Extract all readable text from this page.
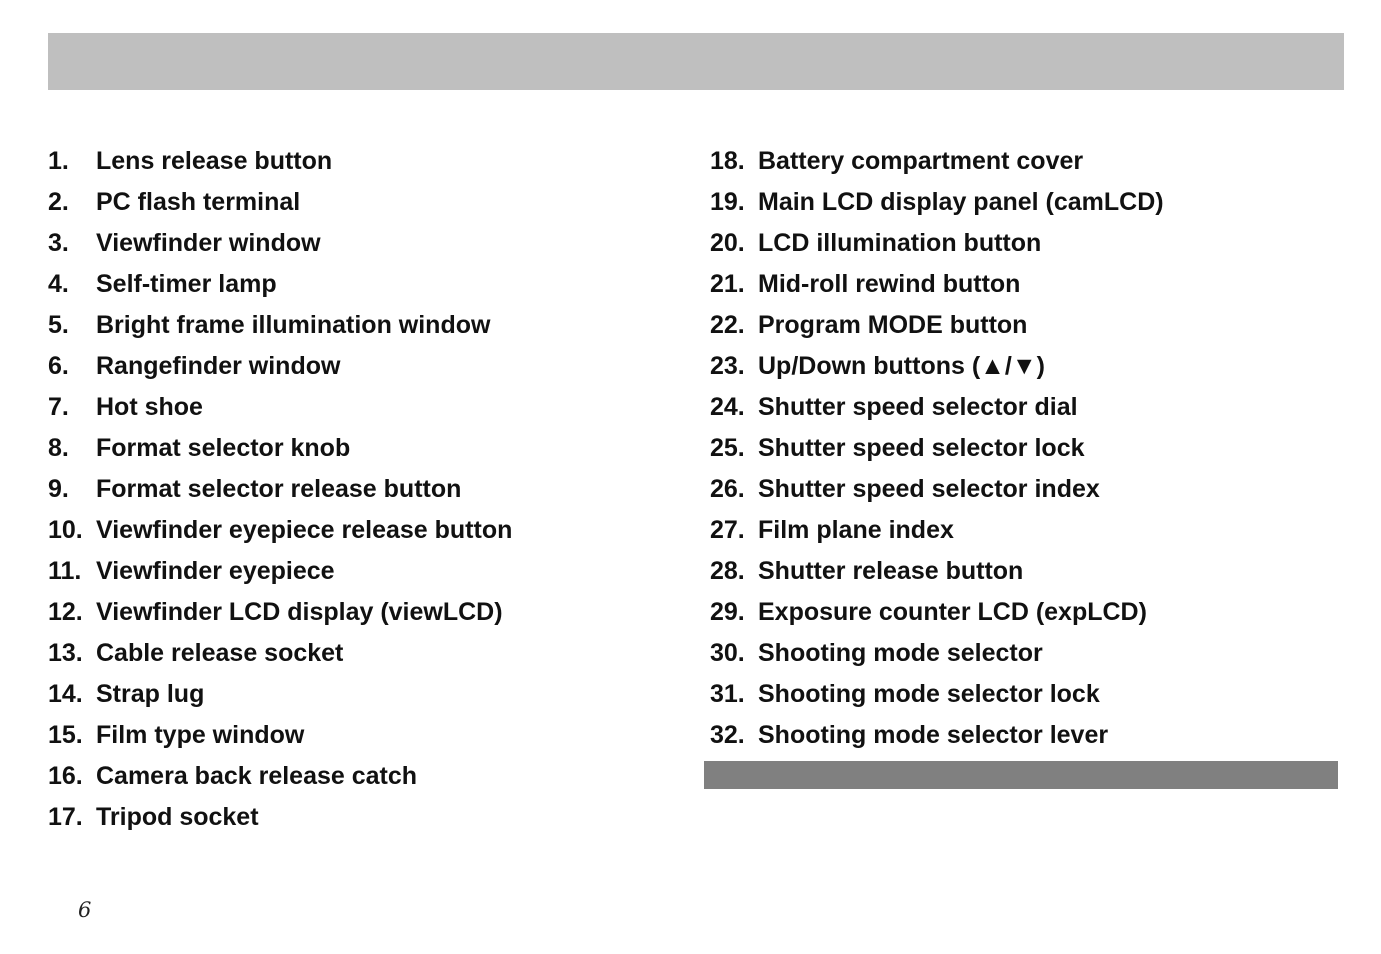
1. Lens release button
2. PC flash terminal
3. Viewfinder window
4. Self-timer lamp
5. Bright frame illumination window
6. Rangefinder window
7. Hot shoe
8. Format selector knob
9. Format selector release button
10. Viewfinder eyepiece release button
11. Viewfinder eyepiece
12. Viewfinder LCD display (viewLCD)
13. Cable release socket
14. Strap lug
15. Film type window
16. Camera back release catch
17. Tripod socket
18. Battery compartment cover
19. Main LCD display panel (camLCD)
20. LCD illumination button
21. Mid-roll rewind button
22. Program MODE button
23. Up/Down buttons (▲/▼)
24. Shutter speed selector dial
25. Shutter speed selector lock
26. Shutter speed selector index
27. Film plane index
28. Shutter release button
29. Exposure counter LCD (expLCD)
30. Shooting mode selector
31. Shooting mode selector lock
32. Shooting mode selector lever
6
